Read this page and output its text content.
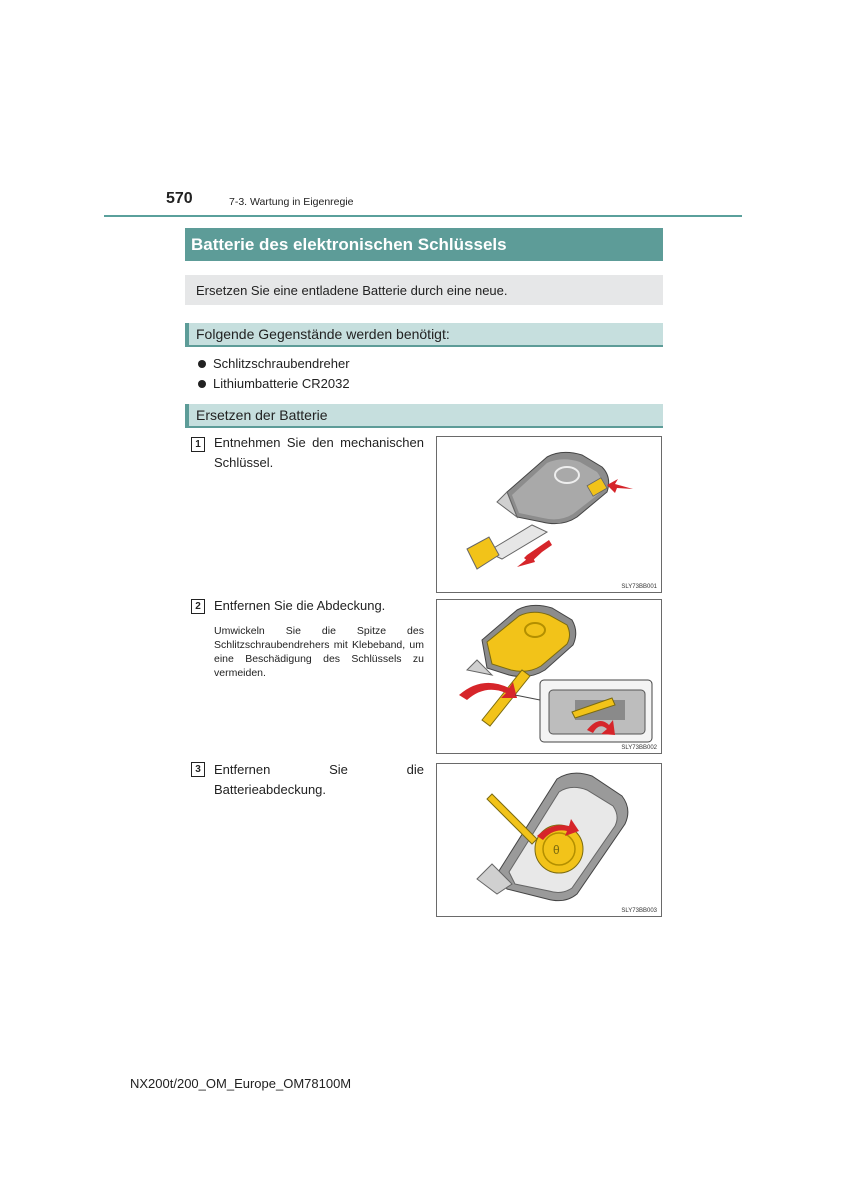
570	7-3. Wartung in Eigenregie
Batterie des elektronischen Schlüssels
Ersetzen Sie eine entladene Batterie durch eine neue.
Folgende Gegenstände werden benötigt:
Schlitzschraubendreher
Lithiumbatterie CR2032
Ersetzen der Batterie
1	Entnehmen Sie den mechanischen Schlüssel.
SLY73BB001
2	Entfernen Sie die Abdeckung.
Umwickeln Sie die Spitze des Schlitzschraubendrehers mit Klebeband, um eine Beschädigung des Schlüssels zu vermeiden.
SLY73BB002
3	Entfernen Sie die Batterieabdeckung.
θ
SLY73BB003
NX200t/200_OM_Europe_OM78100M
